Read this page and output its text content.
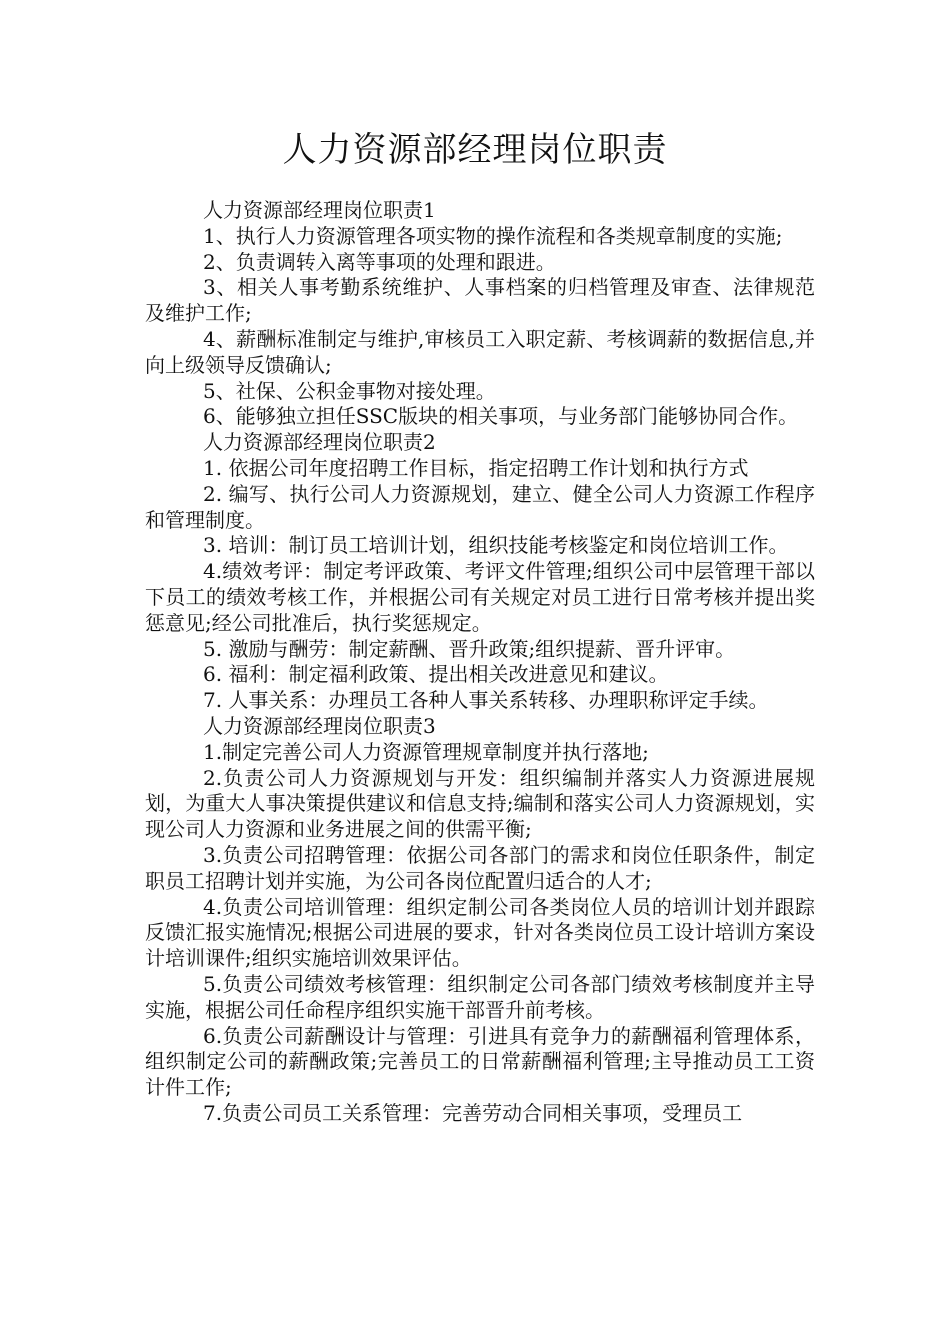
人力资源部经理岗位职责

人力资源部经理岗位职责1

1、执行人力资源管理各项实物的操作流程和各类规章制度的实施;

2、负责调转入离等事项的处理和跟进。

3、相关人事考勤系统维护、人事档案的归档管理及审查、法律规范及维护工作;

4、薪酬标准制定与维护,审核员工入职定薪、考核调薪的数据信息,并向上级领导反馈确认;

5、社保、公积金事物对接处理。

6、能够独立担任SSC版块的相关事项，与业务部门能够协同合作。

人力资源部经理岗位职责2

1. 依据公司年度招聘工作目标，指定招聘工作计划和执行方式

2. 编写、执行公司人力资源规划，建立、健全公司人力资源工作程序和管理制度。

3. 培训：制订员工培训计划，组织技能考核鉴定和岗位培训工作。

4.绩效考评：制定考评政策、考评文件管理;组织公司中层管理干部以下员工的绩效考核工作，并根据公司有关规定对员工进行日常考核并提出奖惩意见;经公司批准后，执行奖惩规定。

5. 激励与酬劳：制定薪酬、晋升政策;组织提薪、晋升评审。

6. 福利：制定福利政策、提出相关改进意见和建议。

7. 人事关系：办理员工各种人事关系转移、办理职称评定手续。

人力资源部经理岗位职责3

1.制定完善公司人力资源管理规章制度并执行落地;

2.负责公司人力资源规划与开发：组织编制并落实人力资源进展规划，为重大人事决策提供建议和信息支持;编制和落实公司人力资源规划，实现公司人力资源和业务进展之间的供需平衡;

3.负责公司招聘管理：依据公司各部门的需求和岗位任职条件，制定职员工招聘计划并实施，为公司各岗位配置归适合的人才;

4.负责公司培训管理：组织定制公司各类岗位人员的培训计划并跟踪反馈汇报实施情况;根据公司进展的要求，针对各类岗位员工设计培训方案设计培训课件;组织实施培训效果评估。

5.负责公司绩效考核管理：组织制定公司各部门绩效考核制度并主导实施，根据公司任命程序组织实施干部晋升前考核。

6.负责公司薪酬设计与管理：引进具有竞争力的薪酬福利管理体系，组织制定公司的薪酬政策;完善员工的日常薪酬福利管理;主导推动员工工资计件工作;

7.负责公司员工关系管理：完善劳动合同相关事项，受理员工
